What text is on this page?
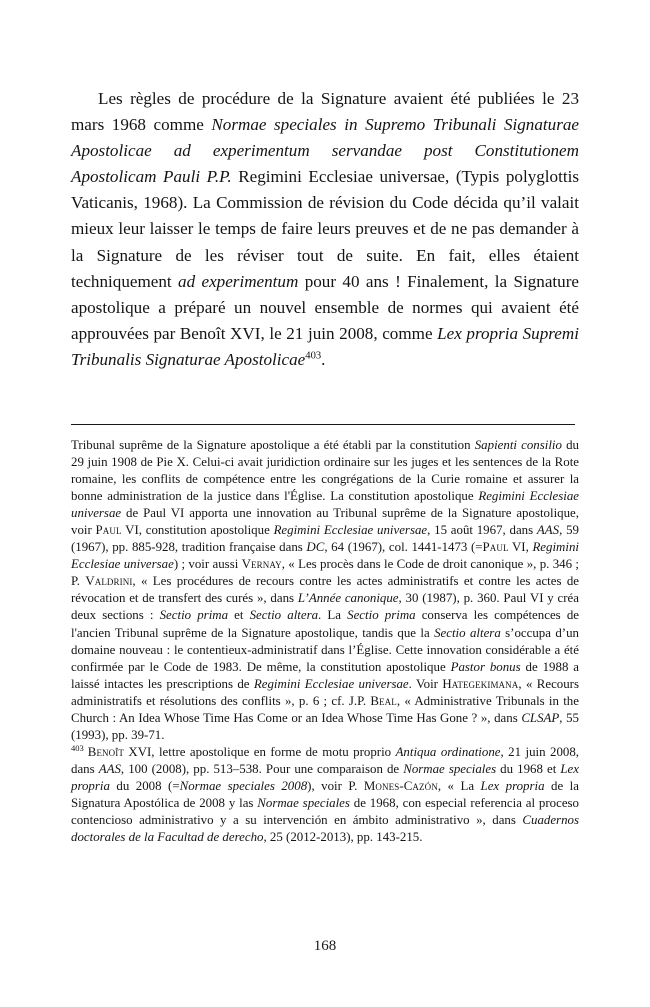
Les règles de procédure de la Signature avaient été publiées le 23 mars 1968 comme Normae speciales in Supremo Tribunali Signaturae Apostolicae ad experimentum servandae post Constitutionem Apostolicam Pauli P.P. Regimini Ecclesiae universae, (Typis polyglottis Vaticanis, 1968). La Commission de révision du Code décida qu’il valait mieux leur laisser le temps de faire leurs preuves et de ne pas demander à la Signature de les réviser tout de suite. En fait, elles étaient techniquement ad experimentum pour 40 ans ! Finalement, la Signature apostolique a préparé un nouvel ensemble de normes qui avaient été approuvées par Benoît XVI, le 21 juin 2008, comme Lex propria Supremi Tribunalis Signaturae Apostolicae$^{403}$.

Tribunal suprême de la Signature apostolique a été établi par la constitution Sapienti consilio du 29 juin 1908 de Pie X. Celui-ci avait juridiction ordinaire sur les juges et les sentences de la Rote romaine, les conflits de compétence entre les congrégations de la Curie romaine et assurer la bonne administration de la justice dans l'Église. La constitution apostolique Regimini Ecclesiae universae de Paul VI apporta une innovation au Tribunal suprême de la Signature apostolique, voir Paul VI, constitution apostolique Regimini Ecclesiae universae, 15 août 1967, dans AAS, 59 (1967), pp. 885-928, tradition française dans DC, 64 (1967), col. 1441-1473 (=Paul VI, Regimini Ecclesiae universae) ; voir aussi Vernay, « Les procès dans le Code de droit canonique », p. 346 ; P. Valdrini, « Les procédures de recours contre les actes administratifs et contre les actes de révocation et de transfert des curés », dans L’Année canonique, 30 (1987), p. 360. Paul VI y créa deux sections : Sectio prima et Sectio altera. La Sectio prima conserva les compétences de l'ancien Tribunal suprême de la Signature apostolique, tandis que la Sectio altera s’occupa d’un domaine nouveau : le contentieux-administratif dans l’Église. Cette innovation considérable a été confirmée par le Code de 1983. De même, la constitution apostolique Pastor bonus de 1988 a laissé intactes les prescriptions de Regimini Ecclesiae universae. Voir Hategekimana, « Recours administratifs et résolutions des conflits », p. 6 ; cf. J.P. Beal, « Administrative Tribunals in the Church : An Idea Whose Time Has Come or an Idea Whose Time Has Gone ? », dans CLSAP, 55 (1993), pp. 39-71.

$^{403}$ Benoît XVI, lettre apostolique en forme de motu proprio Antiqua ordinatione, 21 juin 2008, dans AAS, 100 (2008), pp. 513–538. Pour une comparaison de Normae speciales du 1968 et Lex propria du 2008 (=Normae speciales 2008), voir P. Mones-Cazón, « La Lex propria de la Signatura Apostólica de 2008 y las Normae speciales de 1968, con especial referencia al proceso contencioso administrativo y a su intervención en ámbito administrativo », dans Cuadernos doctorales de la Facultad de derecho, 25 (2012-2013), pp. 143-215.

168
